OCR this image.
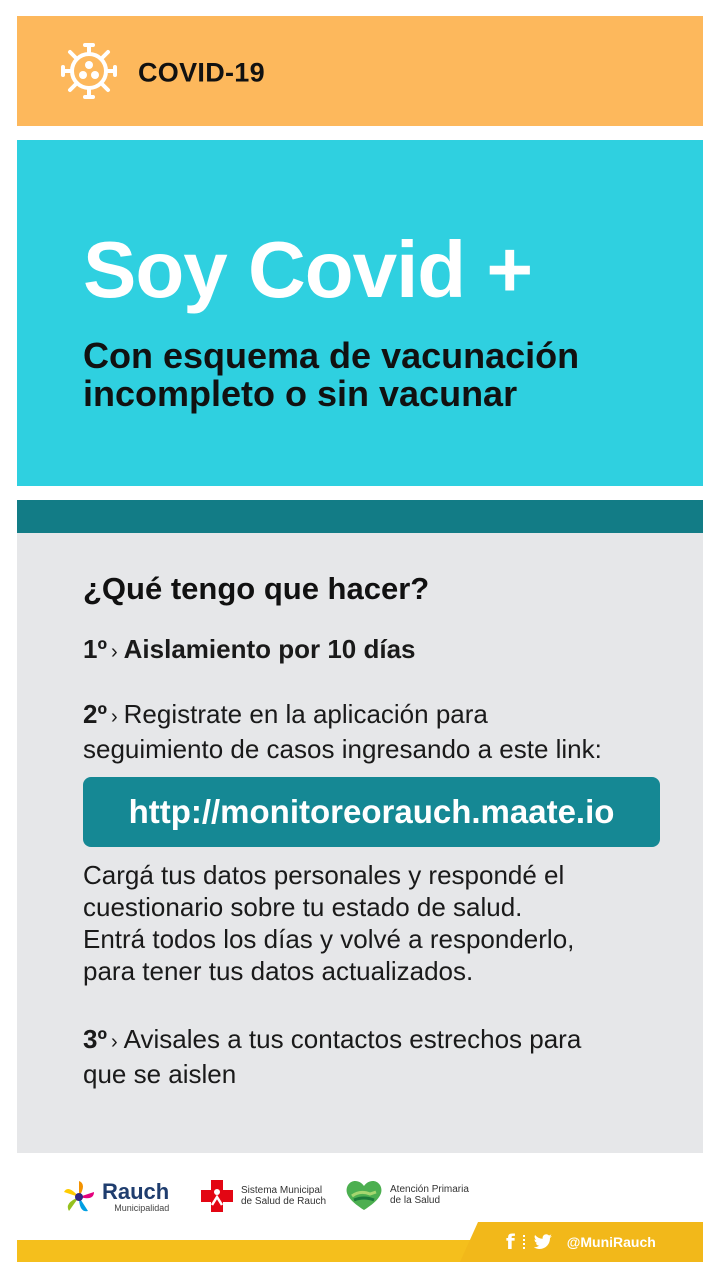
COVID-19
Soy Covid +
Con esquema de vacunación
incompleto o sin vacunar
¿Qué tengo que hacer?
1º › Aislamiento por 10 días
2º › Registrate en la aplicación para
seguimiento de casos ingresando a este link:
http://monitoreorauch.maate.io
Cargá tus datos personales y respondé el
cuestionario sobre tu estado de salud.
Entrá todos los días y volvé a responderlo,
para tener tus datos actualizados.
3º › Avisales a tus contactos estrechos para
que se aislen
Rauch
Municipalidad
Sistema Municipal
de Salud de Rauch
Atención Primaria
de la Salud
f	@MuniRauch
